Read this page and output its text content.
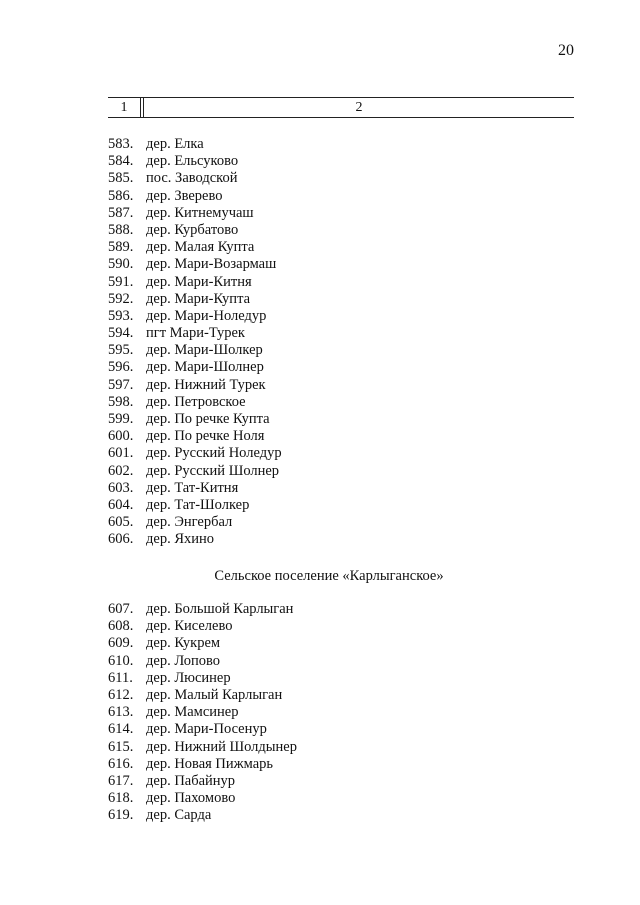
20
1	2
583. дер. Елка
584. дер. Ельсуково
585. пос. Заводской
586. дер. Зверево
587. дер. Китнемучаш
588. дер. Курбатово
589. дер. Малая Купта
590. дер. Мари-Возармаш
591. дер. Мари-Китня
592. дер. Мари-Купта
593. дер. Мари-Ноледур
594. пгт Мари-Турек
595. дер. Мари-Шолкер
596. дер. Мари-Шолнер
597. дер. Нижний Турек
598. дер. Петровское
599. дер. По речке Купта
600. дер. По речке Ноля
601. дер. Русский Ноледур
602. дер. Русский Шолнер
603. дер. Тат-Китня
604. дер. Тат-Шолкер
605. дер. Энгербал
606. дер. Яхино
Сельское поселение «Карлыганское»
607. дер. Большой Карлыган
608. дер. Киселево
609. дер. Кукрем
610. дер. Лопово
611. дер. Люсинер
612. дер. Малый Карлыган
613. дер. Мамсинер
614. дер. Мари-Посенур
615. дер. Нижний Шолдынер
616. дер. Новая Пижмарь
617. дер. Пабайнур
618. дер. Пахомово
619. дер. Сарда
